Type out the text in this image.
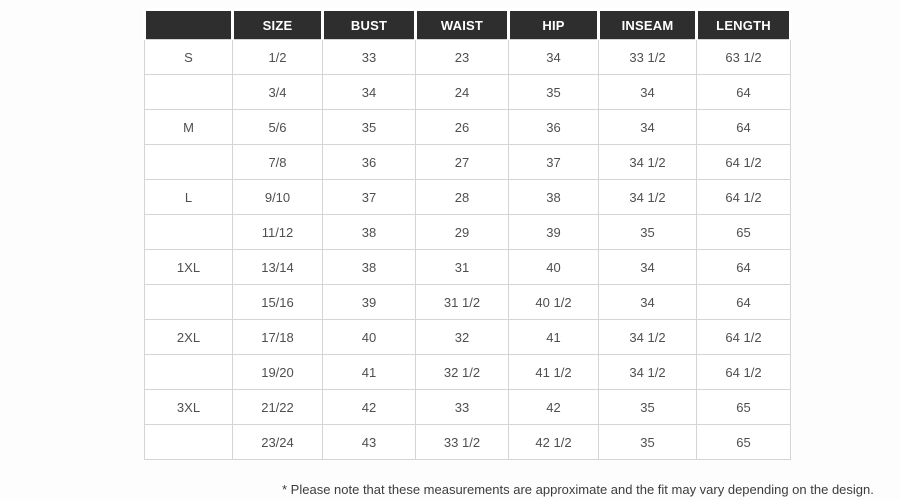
	SIZE	BUST	WAIST	HIP	INSEAM	LENGTH
S	1/2	33	23	34	33 1/2	63 1/2
	3/4	34	24	35	34	64
M	5/6	35	26	36	34	64
	7/8	36	27	37	34 1/2	64 1/2
L	9/10	37	28	38	34 1/2	64 1/2
	11/12	38	29	39	35	65
1XL	13/14	38	31	40	34	64
	15/16	39	31 1/2	40 1/2	34	64
2XL	17/18	40	32	41	34 1/2	64 1/2
	19/20	41	32 1/2	41 1/2	34 1/2	64 1/2
3XL	21/22	42	33	42	35	65
	23/24	43	33 1/2	42 1/2	35	65

* Please note that these measurements are approximate and the fit may vary depending on the design.
